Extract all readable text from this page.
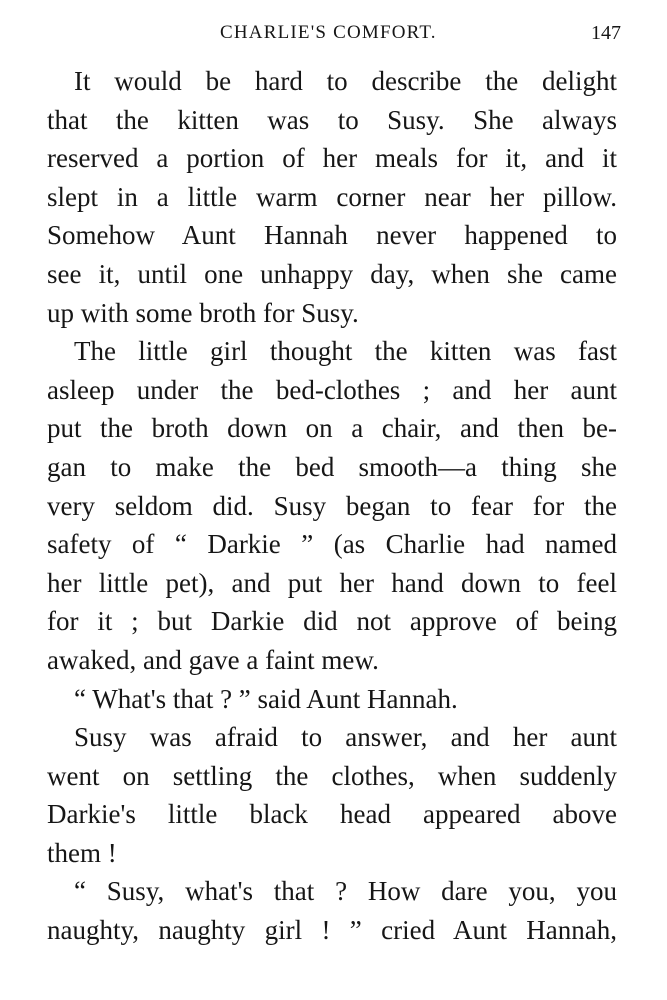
CHARLIE'S COMFORT.	147
It would be hard to describe the delight
that the kitten was to Susy. She always
reserved a portion of her meals for it, and it
slept in a little warm corner near her pillow.
Somehow Aunt Hannah never happened to
see it, until one unhappy day, when she came
up with some broth for Susy.
The little girl thought the kitten was fast
asleep under the bed-clothes ; and her aunt
put the broth down on a chair, and then be-
gan to make the bed smooth—a thing she
very seldom did. Susy began to fear for the
safety of “ Darkie ” (as Charlie had named
her little pet), and put her hand down to feel
for it ; but Darkie did not approve of being
awaked, and gave a faint mew.
“ What's that ? ” said Aunt Hannah.
Susy was afraid to answer, and her aunt
went on settling the clothes, when suddenly
Darkie's little black head appeared above
them !
“ Susy, what's that ? How dare you, you
naughty, naughty girl ! ” cried Aunt Hannah,
